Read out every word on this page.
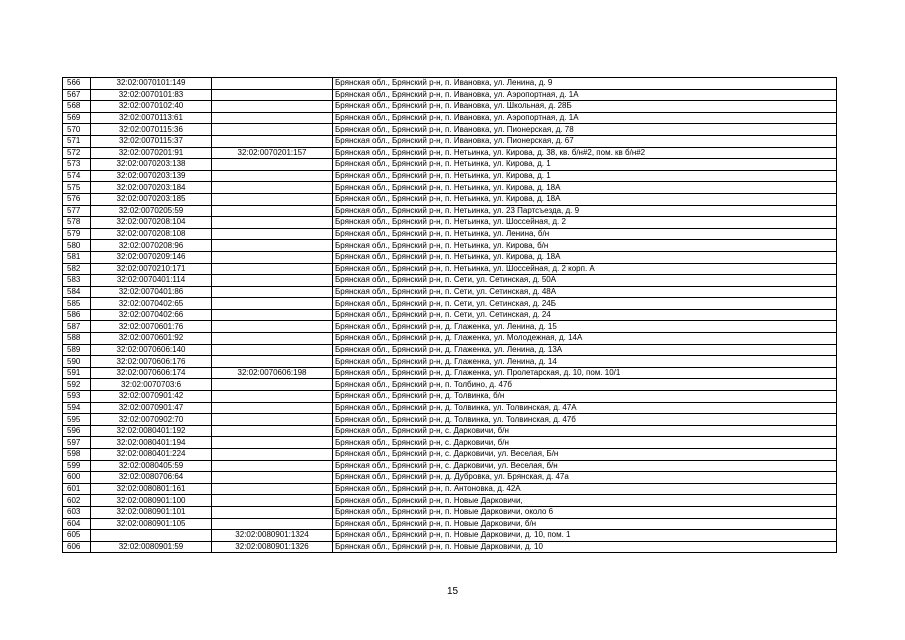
566	32:02:0070101:149		Брянская обл., Брянский р-н, п. Ивановка, ул. Ленина, д. 9
567	32:02:0070101:83		Брянская обл., Брянский р-н, п. Ивановка, ул. Аэропортная, д. 1А
568	32:02:0070102:40		Брянская обл., Брянский р-н, п. Ивановка, ул. Школьная, д. 28Б
569	32:02:0070113:61		Брянская обл., Брянский р-н, п. Ивановка, ул. Аэропортная, д. 1А
570	32:02:0070115:36		Брянская обл., Брянский р-н, п. Ивановка, ул. Пионерская, д. 78
571	32:02:0070115:37		Брянская обл., Брянский р-н, п. Ивановка, ул. Пионерская, д. 67
572	32:02:0070201:91	32:02:0070201:157	Брянская обл., Брянский р-н, п. Нетьинка, ул. Кирова, д. 38, кв. б/н#2, пом. кв б/н#2
573	32:02:0070203:138		Брянская обл., Брянский р-н, п. Нетьинка, ул. Кирова, д. 1
574	32:02:0070203:139		Брянская обл., Брянский р-н, п. Нетьинка, ул. Кирова, д. 1
575	32:02:0070203:184		Брянская обл., Брянский р-н, п. Нетьинка, ул. Кирова, д. 18А
576	32:02:0070203:185		Брянская обл., Брянский р-н, п. Нетьинка, ул. Кирова, д. 18А
577	32:02:0070205:59		Брянская обл., Брянский р-н, п. Нетьинка, ул. 23 Партсъезда, д. 9
578	32:02:0070208:104		Брянская обл., Брянский р-н, п. Нетьинка, ул. Шоссейная, д. 2
579	32:02:0070208:108		Брянская обл., Брянский р-н, п. Нетьинка, ул. Ленина, б/н
580	32:02:0070208:96		Брянская обл., Брянский р-н, п. Нетьинка, ул. Кирова, б/н
581	32:02:0070209:146		Брянская обл., Брянский р-н, п. Нетьинка, ул. Кирова, д. 18А
582	32:02:0070210:171		Брянская обл., Брянский р-н, п. Нетьинка, ул. Шоссейная, д. 2 корп. А
583	32:02:0070401:114		Брянская обл., Брянский р-н, п. Сети, ул. Сетинская, д. 50А
584	32:02:0070401:86		Брянская обл., Брянский р-н, п. Сети, ул. Сетинская, д. 48А
585	32:02:0070402:65		Брянская обл., Брянский р-н, п. Сети, ул. Сетинская, д. 24Б
586	32:02:0070402:66		Брянская обл., Брянский р-н, п. Сети, ул. Сетинская, д. 24
587	32:02:0070601:76		Брянская обл., Брянский р-н, д. Глаженка, ул. Ленина, д. 15
588	32:02:0070601:92		Брянская обл., Брянский р-н, д. Глаженка, ул. Молодежная, д. 14А
589	32:02:0070606:140		Брянская обл., Брянский р-н, д. Глаженка, ул. Ленина, д. 13А
590	32:02:0070606:176		Брянская обл., Брянский р-н, д. Глаженка, ул. Ленина, д. 14
591	32:02:0070606:174	32:02:0070606:198	Брянская обл., Брянский р-н, д. Глаженка, ул. Пролетарская, д. 10, пом. 10/1
592	32:02:0070703:6		Брянская обл., Брянский р-н, п. Толбино, д. 47б
593	32:02:0070901:42		Брянская обл., Брянский р-н, д. Толвинка, б/н
594	32:02:0070901:47		Брянская обл., Брянский р-н, д. Толвинка, ул. Толвинская, д. 47А
595	32:02:0070902:70		Брянская обл., Брянский р-н, д. Толвинка, ул. Толвинская, д. 47б
596	32:02:0080401:192		Брянская обл., Брянский р-н, с. Дарковичи, б/н
597	32:02:0080401:194		Брянская обл., Брянский р-н, с. Дарковичи, б/н
598	32:02:0080401:224		Брянская обл., Брянский р-н, с. Дарковичи, ул. Веселая, Б/н
599	32:02:0080405:59		Брянская обл., Брянский р-н, с. Дарковичи, ул. Веселая, б/н
600	32:02:0080706:64		Брянская обл., Брянский р-н, д. Дубровка, ул. Брянская, д. 47а
601	32:02:0080801:161		Брянская обл., Брянский р-н, п. Антоновка, д. 42А
602	32:02:0080901:100		Брянская обл., Брянский р-н, п. Новые Дарковичи,
603	32:02:0080901:101		Брянская обл., Брянский р-н, п. Новые Дарковичи, около 6
604	32:02:0080901:105		Брянская обл., Брянский р-н, п. Новые Дарковичи, б/н
605		32:02:0080901:1324	Брянская обл., Брянский р-н, п. Новые Дарковичи, д. 10, пом. 1
606	32:02:0080901:59	32:02:0080901:1326	Брянская обл., Брянский р-н, п. Новые Дарковичи, д. 10
15
